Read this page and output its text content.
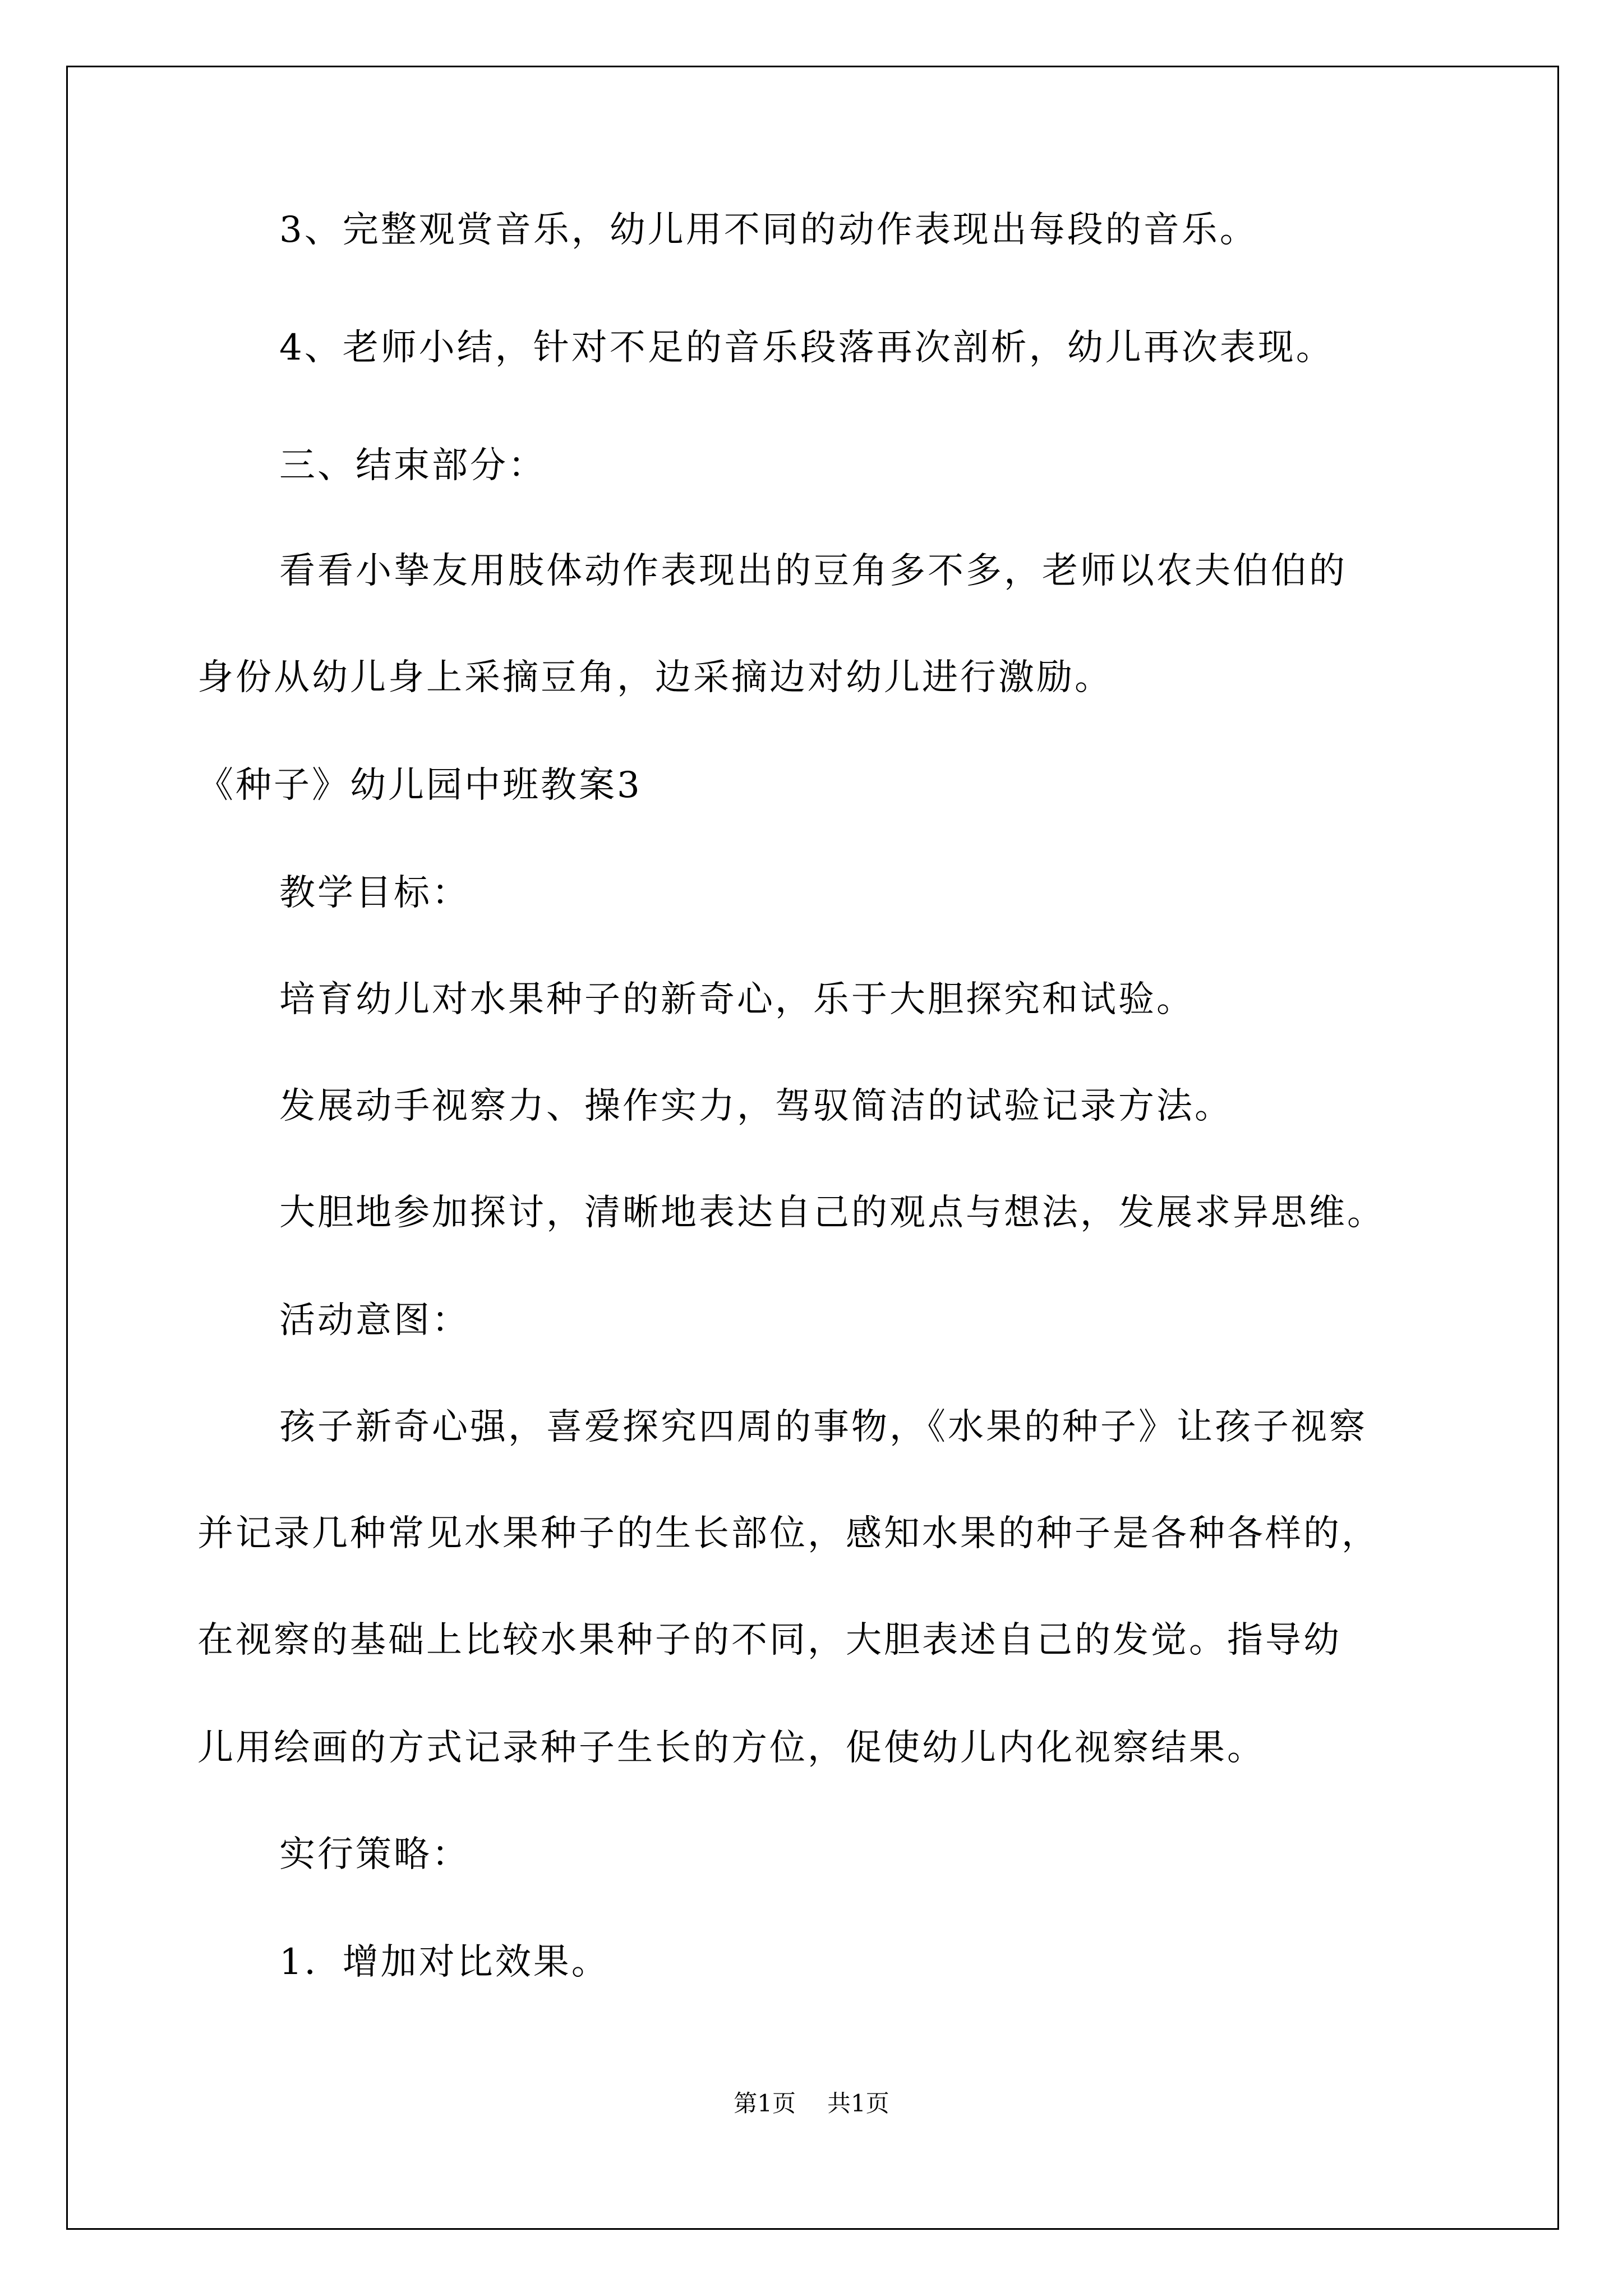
3、完整观赏音乐，幼儿用不同的动作表现出每段的音乐。
4、老师小结，针对不足的音乐段落再次剖析，幼儿再次表现。
三、结束部分：
看看小挚友用肢体动作表现出的豆角多不多，老师以农夫伯伯的
身份从幼儿身上采摘豆角，边采摘边对幼儿进行激励。
《种子》幼儿园中班教案3
教学目标：
培育幼儿对水果种子的新奇心，乐于大胆探究和试验。
发展动手视察力、操作实力，驾驭简洁的试验记录方法。
大胆地参加探讨，清晰地表达自己的观点与想法，发展求异思维。
活动意图：
孩子新奇心强，喜爱探究四周的事物，《水果的种子》让孩子视察
并记录几种常见水果种子的生长部位，感知水果的种子是各种各样的，
在视察的基础上比较水果种子的不同，大胆表述自己的发觉。指导幼
儿用绘画的方式记录种子生长的方位，促使幼儿内化视察结果。
实行策略：
1．增加对比效果。
第1页 共1页
